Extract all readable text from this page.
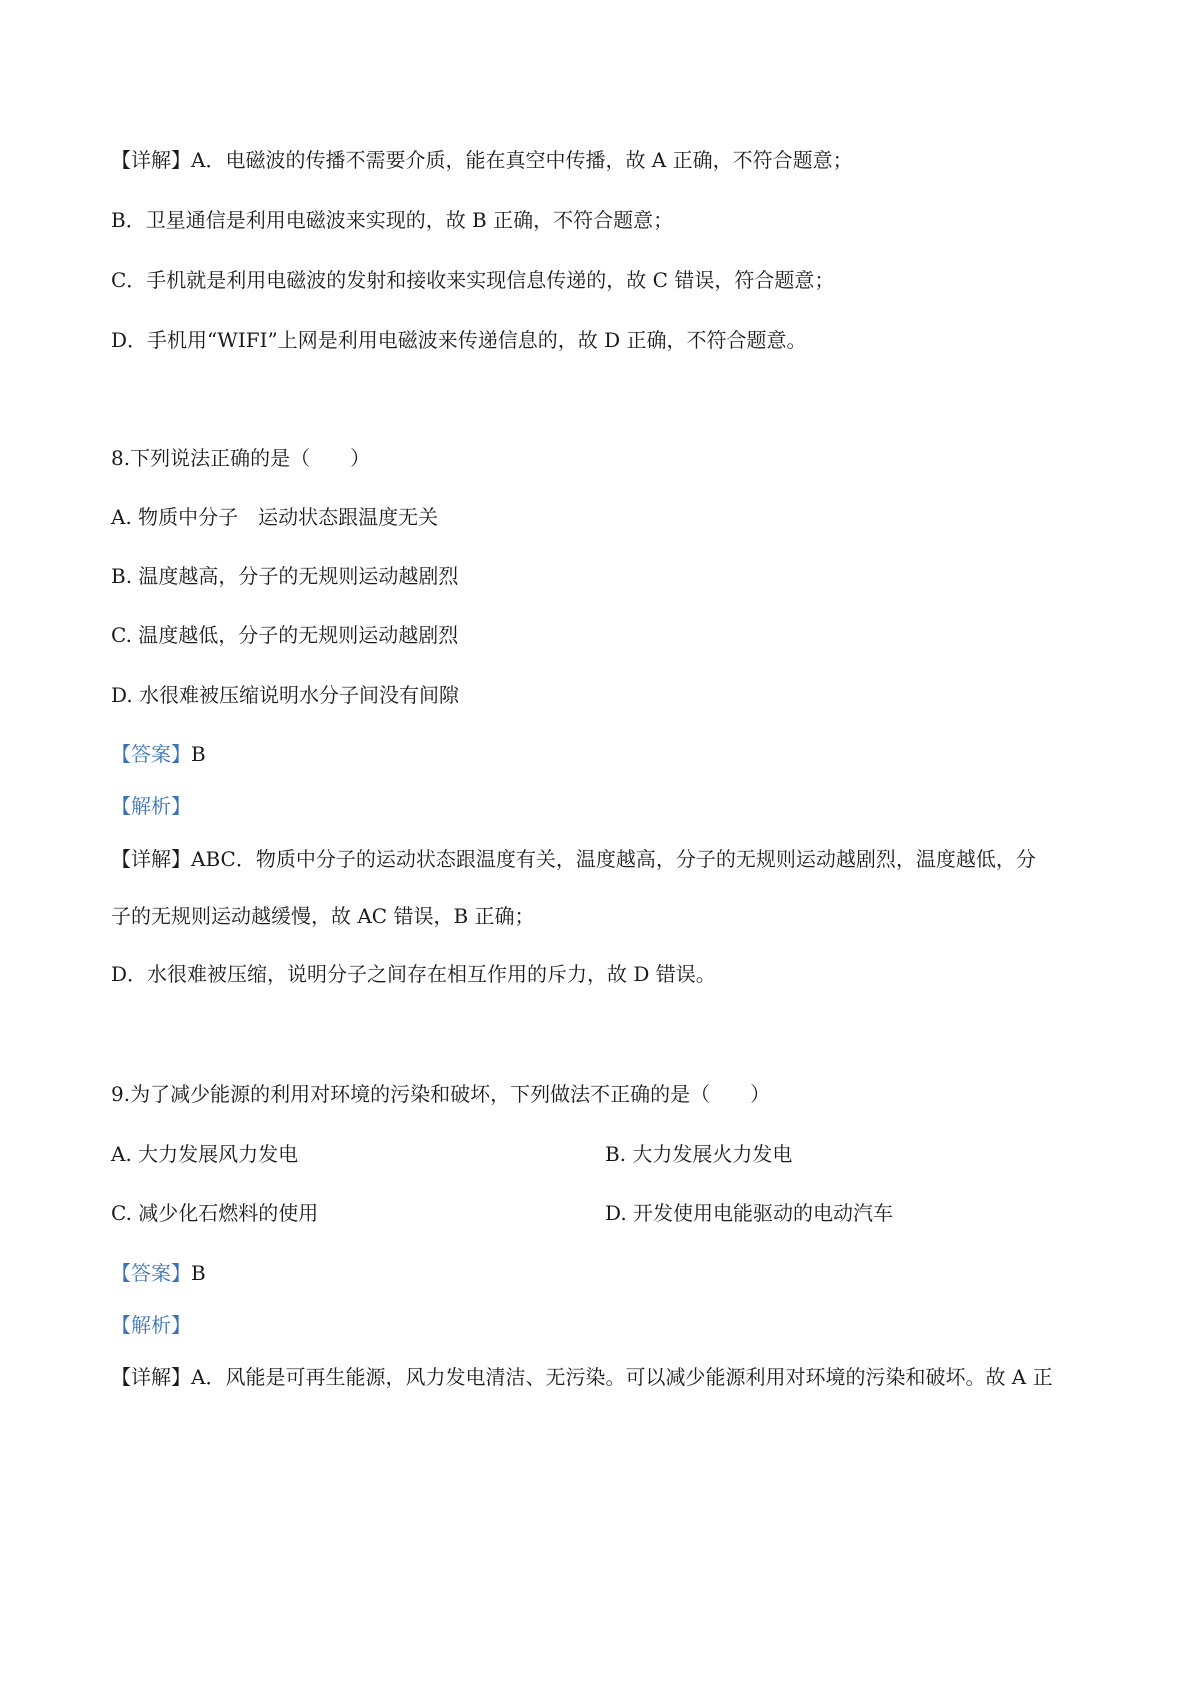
【详解】A．电磁波的传播不需要介质，能在真空中传播，故 A 正确，不符合题意；
B．卫星通信是利用电磁波来实现的，故 B 正确，不符合题意；
C．手机就是利用电磁波的发射和接收来实现信息传递的，故 C 错误，符合题意；
D．手机用“WIFI”上网是利用电磁波来传递信息的，故 D 正确，不符合题意。
8.下列说法正确的是（　　）
A. 物质中分子　运动状态跟温度无关
B. 温度越高，分子的无规则运动越剧烈
C. 温度越低，分子的无规则运动越剧烈
D. 水很难被压缩说明水分子间没有间隙
【答案】B
【解析】
【详解】ABC．物质中分子的运动状态跟温度有关，温度越高，分子的无规则运动越剧烈，温度越低，分
子的无规则运动越缓慢，故 AC 错误，B 正确；
D．水很难被压缩，说明分子之间存在相互作用的斥力，故 D 错误。
9.为了减少能源的利用对环境的污染和破坏，下列做法不正确的是（　　）
A. 大力发展风力发电	B. 大力发展火力发电
C. 减少化石燃料的使用	D. 开发使用电能驱动的电动汽车
【答案】B
【解析】
【详解】A．风能是可再生能源，风力发电清洁、无污染。可以减少能源利用对环境的污染和破坏。故 A 正
